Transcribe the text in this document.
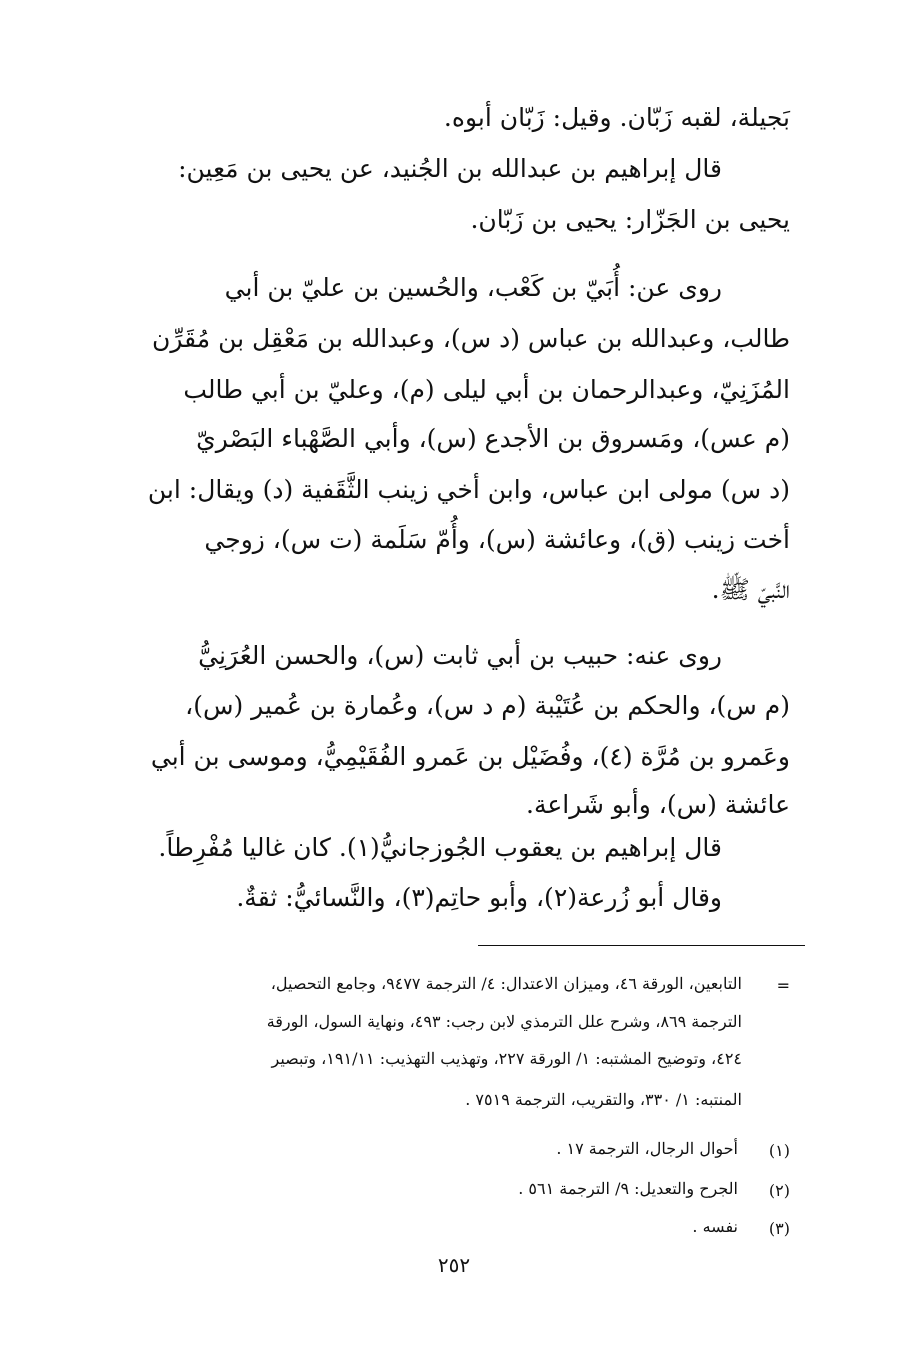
بَجيلة، لقبه زَبّان. وقيل: زَبّان أبوه.
قال إبراهيم بن عبدالله بن الجُنيد، عن يحيى بن مَعِين:
يحيى بن الجَزّار: يحيى بن زَبّان.
روى عن: أُبَيّ بن كَعْب، والحُسين بن عليّ بن أبي
طالب، وعبدالله بن عباس (د س)، وعبدالله بن مَعْقِل بن مُقَرِّن
المُزَنِيّ، وعبدالرحمان بن أبي ليلى (م)، وعليّ بن أبي طالب
(م عس)، ومَسروق بن الأجدع (س)، وأبي الصَّهْباء البَصْريّ
(د س) مولى ابن عباس، وابن أخي زينب الثَّقَفية (د) ويقال: ابن
أخت زينب (ق)، وعائشة (س)، وأُمّ سَلَمة (ت س)، زوجي
النَّبيّ ﷺ.
روى عنه: حبيب بن أبي ثابت (س)، والحسن العُرَنِيُّ
(م س)، والحكم بن عُتَيْبة (م د س)، وعُمارة بن عُمير (س)،
وعَمرو بن مُرَّة (٤)، وفُضَيْل بن عَمرو الفُقَيْمِيُّ، وموسى بن أبي
عائشة (س)، وأبو شَراعة.
قال إبراهيم بن يعقوب الجُوزجانيُّ(١). كان غاليا مُفْرِطاً.
وقال أبو زُرعة(٢)، وأبو حاتِم(٣)، والنَّسائيُّ: ثقةٌ.
=
التابعين، الورقة ٤٦، وميزان الاعتدال: ٤/ الترجمة ٩٤٧٧، وجامع التحصيل،
الترجمة ٨٦٩، وشرح علل الترمذي لابن رجب: ٤٩٣، ونهاية السول، الورقة
٤٢٤، وتوضيح المشتبه: ١/ الورقة ٢٢٧، وتهذيب التهذيب: ١٩١/١١، وتبصير
المنتبه: ١/ ٣٣٠، والتقريب، الترجمة ٧٥١٩ .
(١)
أحوال الرجال، الترجمة ١٧ .
(٢)
الجرح والتعديل: ٩/ الترجمة ٥٦١ .
(٣)
نفسه .
٢٥٢
